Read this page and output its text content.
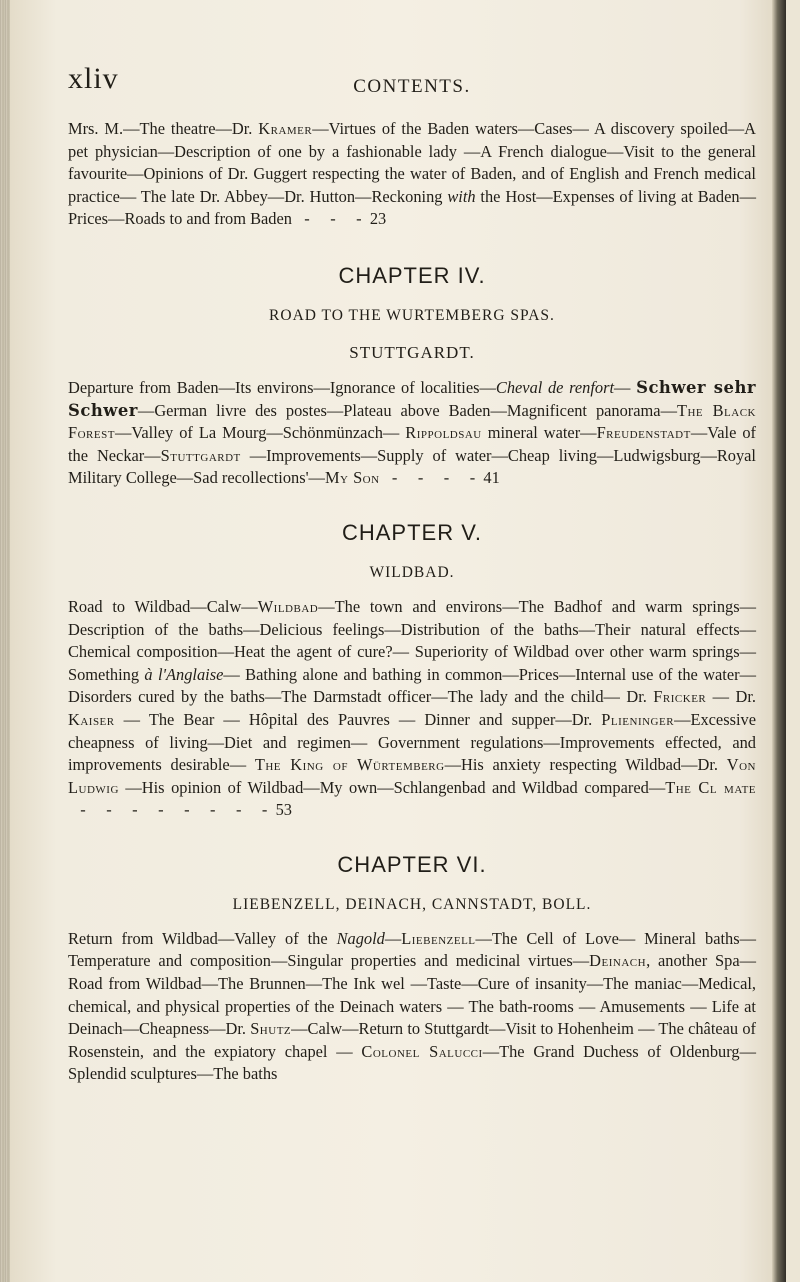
xliv	CONTENTS.

Mrs. M.—The theatre—Dr. Kramer—Virtues of the Baden waters—Cases— A discovery spoiled—A pet physician—Description of one by a fashionable lady —A French dialogue—Visit to the general favourite—Opinions of Dr. Guggert respecting the water of Baden, and of English and French medical practice— The late Dr. Abbey—Dr. Hutton—Reckoning with the Host—Expenses of living at Baden—Prices—Roads to and from Baden   -     -     -  23

CHAPTER IV.
ROAD TO THE WURTEMBERG SPAS.
STUTTGARDT.

Departure from Baden—Its environs—Ignorance of localities—Cheval de renfort— Schwer sehr Schwer—German livre des postes—Plateau above Baden—Magnificent panorama—The Black Forest—Valley of La Mourg—Schönmünzach— Rippoldsau mineral water—Freudenstadt—Vale of the Neckar—Stuttgardt —Improvements—Supply of water—Cheap living—Ludwigsburg—Royal Military College—Sad recollections'—My Son   -     -     -     -  41

CHAPTER V.
WILDBAD.

Road to Wildbad—Calw—Wildbad—The town and environs—The Badhof and warm springs—Description of the baths—Delicious feelings—Distribution of the baths—Their natural effects—Chemical composition—Heat the agent of cure?— Superiority of Wildbad over other warm springs—Something à l'Anglaise— Bathing alone and bathing in common—Prices—Internal use of the water— Disorders cured by the baths—The Darmstadt officer—The lady and the child— Dr. Fricker — Dr. Kaiser — The Bear — Hôpital des Pauvres — Dinner and supper—Dr. Plieninger—Excessive cheapness of living—Diet and regimen— Government regulations—Improvements effected, and improvements desirable— The King of Würtemberg—His anxiety respecting Wildbad—Dr. Von Ludwig —His opinion of Wildbad—My own—Schlangenbad and Wildbad compared—The Cl mate   -     -     -     -     -     -     -     -  53

CHAPTER VI.
LIEBENZELL, DEINACH, CANNSTADT, BOLL.

Return from Wildbad—Valley of the Nagold—Liebenzell—The Cell of Love— Mineral baths—Temperature and composition—Singular properties and medicinal virtues—Deinach, another Spa—Road from Wildbad—The Brunnen—The Ink wel —Taste—Cure of insanity—The maniac—Medical, chemical, and physical properties of the Deinach waters — The bath-rooms — Amusements — Life at Deinach—Cheapness—Dr. Shutz—Calw—Return to Stuttgardt—Visit to Hohenheim — The château of Rosenstein, and the expiatory chapel — Colonel Salucci—The Grand Duchess of Oldenburg—Splendid sculptures—The baths
